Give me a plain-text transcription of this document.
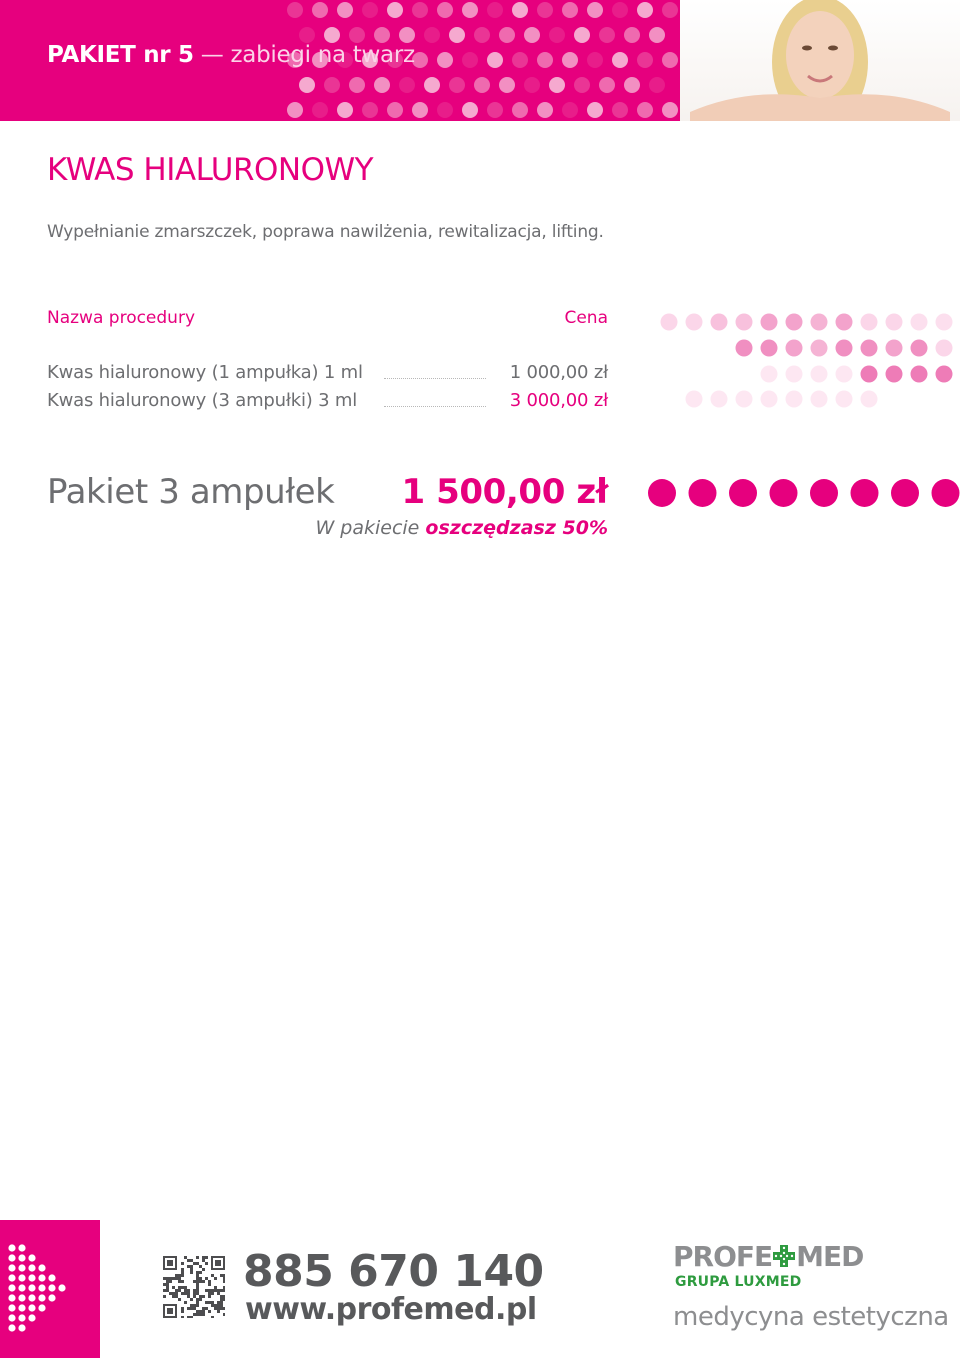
PAKIET nr 5 — zabiegi na twarz
KWAS HIALURONOWY
Wypełnianie zmarszczek, poprawa nawilżenia, rewitalizacja, lifting.
Nazwa procedury	Cena
Kwas hialuronowy (1 ampułka) 1 ml	1 000,00 zł
Kwas hialuronowy (3 ampułki) 3 ml	3 000,00 zł
Pakiet 3 ampułek	1 500,00 zł
W pakiecie oszczędzasz 50%
885 670 140
www.profemed.pl
PROFE MED
GRUPA LUXMED
medycyna estetyczna
